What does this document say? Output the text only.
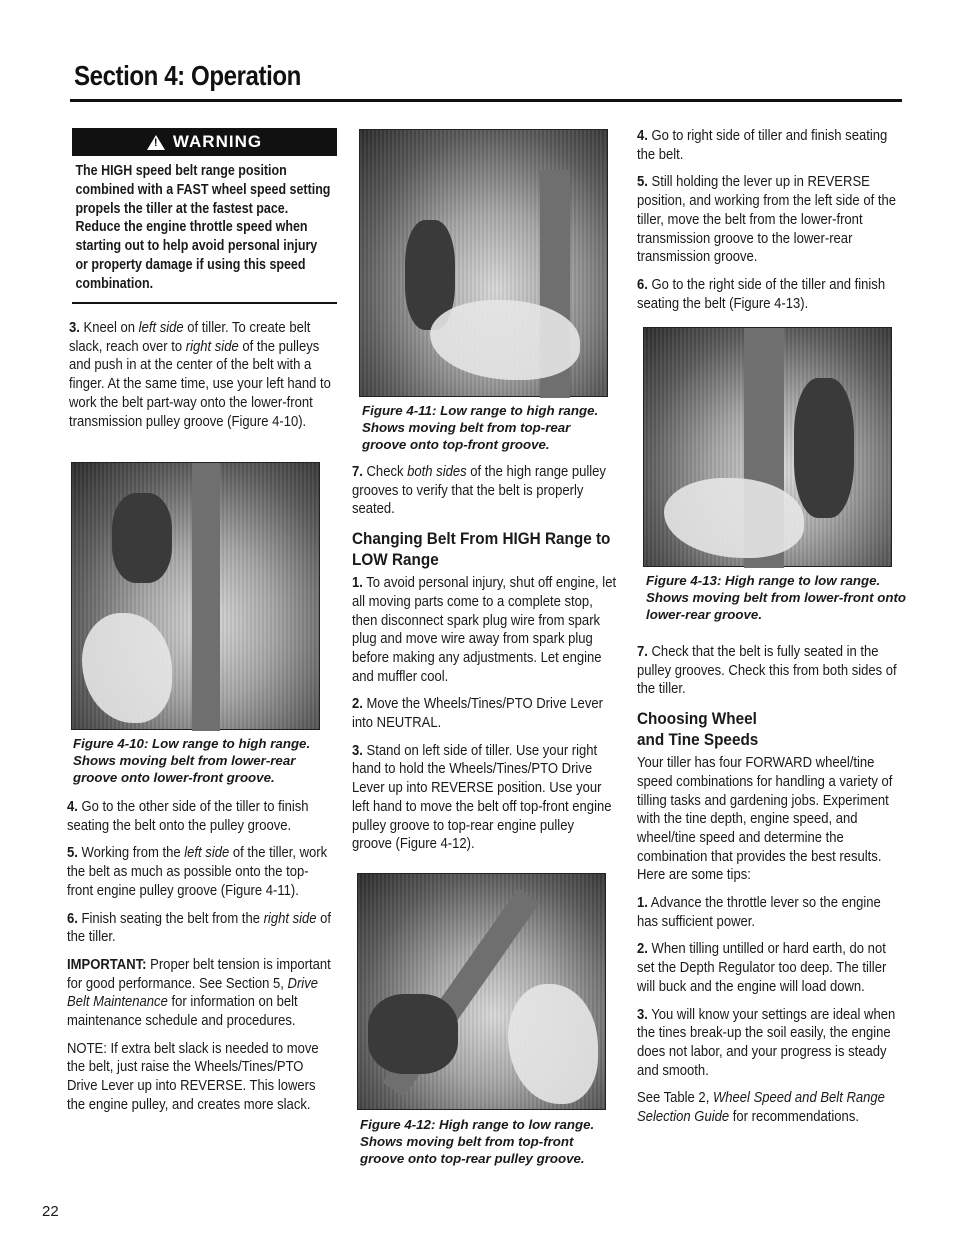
Section 4: Operation
!
WARNING
The HIGH speed belt range position combined with a FAST wheel speed setting propels the tiller at the fastest pace. Reduce the engine throttle speed when starting out to help avoid personal injury or property damage if using this speed combination.

3. Kneel on left side of tiller. To create belt slack, reach over to right side of the pulleys and push in at the center of the belt with a finger. At the same time, use your left hand to work the belt part-way onto the lower-front transmission pulley groove (Figure 4-10).

Figure 4-10: Low range to high range. Shows moving belt from lower-rear groove onto lower-front groove.

4. Go to the other side of the tiller to finish seating the belt onto the pulley groove.

5. Working from the left side of the tiller, work the belt as much as possible onto the top-front engine pulley groove (Figure 4-11).

6. Finish seating the belt from the right side of the tiller.

IMPORTANT: Proper belt tension is important for good performance. See Section 5, Drive Belt Maintenance for information on belt maintenance schedule and procedures.

NOTE: If extra belt slack is needed to move the belt, just raise the Wheels/Tines/PTO Drive Lever up into REVERSE. This lowers the engine pulley, and creates more slack.

Figure 4-11: Low range to high range. Shows moving belt from top-rear groove onto top-front groove.

7. Check both sides of the high range pulley grooves to verify that the belt is properly seated.

Changing Belt From HIGH Range to LOW Range

1. To avoid personal injury, shut off engine, let all moving parts come to a complete stop, then disconnect spark plug wire from spark plug and move wire away from spark plug before making any adjustments. Let engine and muffler cool.

2. Move the Wheels/Tines/PTO Drive Lever into NEUTRAL.

3. Stand on left side of tiller. Use your right hand to hold the Wheels/Tines/PTO Drive Lever up into REVERSE position. Use your left hand to move the belt off top-front engine pulley groove to top-rear engine pulley groove (Figure 4-12).

Figure 4-12: High range to low range. Shows moving belt from top-front groove onto top-rear pulley groove.

4. Go to right side of tiller and finish seating the belt.

5. Still holding the lever up in REVERSE position, and working from the left side of the tiller, move the belt from the lower-front transmission groove to the lower-rear transmission groove.

6. Go to the right side of the tiller and finish seating the belt (Figure 4-13).

Figure 4-13: High range to low range. Shows moving belt from lower-front onto lower-rear groove.

7. Check that the belt is fully seated in the pulley grooves. Check this from both sides of the tiller.

Choosing Wheel
and Tine Speeds

Your tiller has four FORWARD wheel/tine speed combinations for handling a variety of tilling tasks and gardening jobs. Experiment with the tine depth, engine speed, and wheel/tine speed and determine the combination that provides the best results. Here are some tips:

1. Advance the throttle lever so the engine has sufficient power.

2. When tilling untilled or hard earth, do not set the Depth Regulator too deep. The tiller will buck and the engine will load down.

3. You will know your settings are ideal when the tines break-up the soil easily, the engine does not labor, and your progress is steady and smooth.

See Table 2, Wheel Speed and Belt Range Selection Guide for recommendations.

22
